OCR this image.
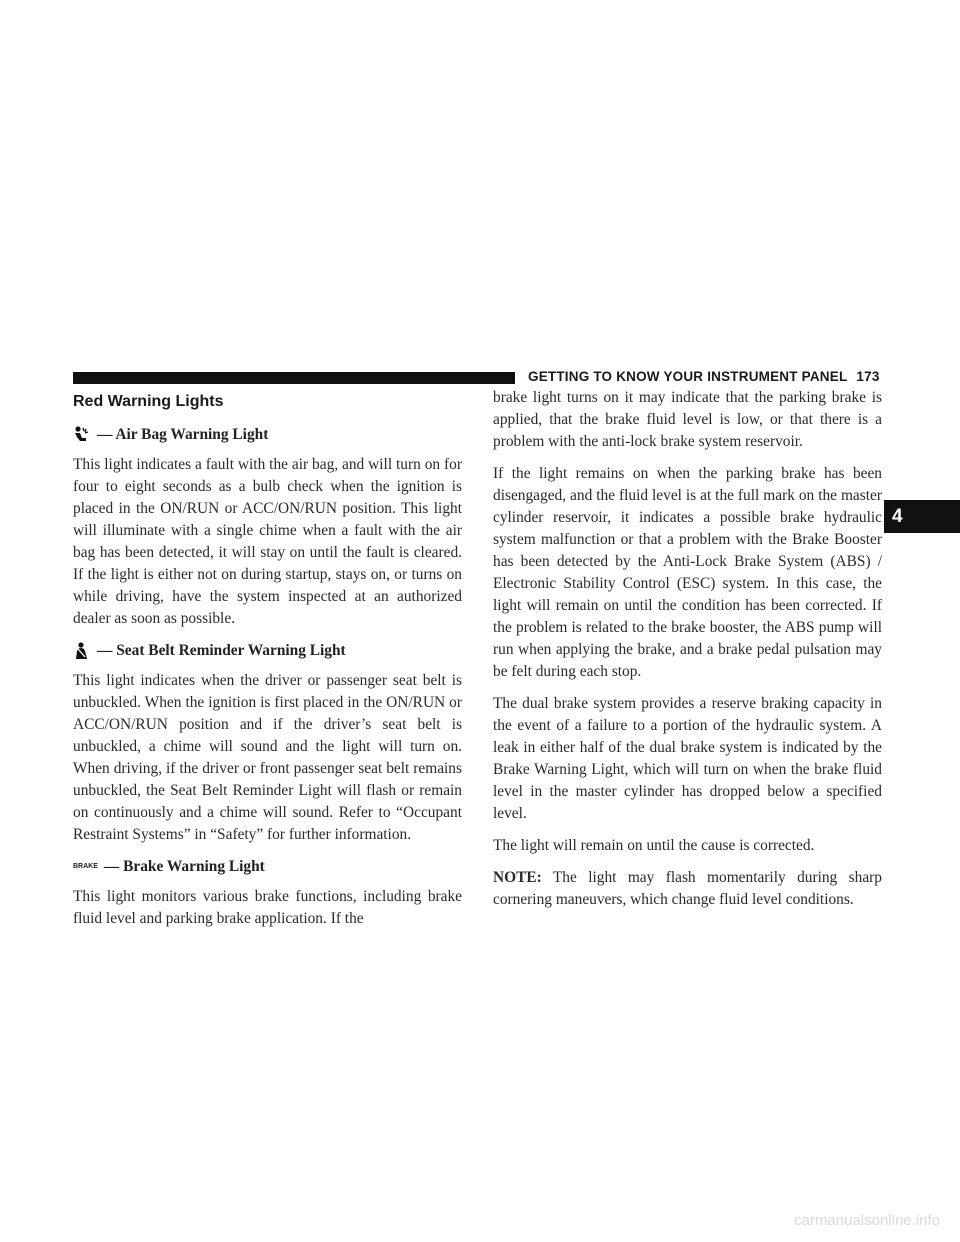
GETTING TO KNOW YOUR INSTRUMENT PANEL 173
4
Red Warning Lights
— Air Bag Warning Light

This light indicates a fault with the air bag, and will turn on for four to eight seconds as a bulb check when the ignition is placed in the ON/RUN or ACC/ON/RUN position. This light will illuminate with a single chime when a fault with the air bag has been detected, it will stay on until the fault is cleared. If the light is either not on during startup, stays on, or turns on while driving, have the system inspected at an authorized dealer as soon as possible.

— Seat Belt Reminder Warning Light

This light indicates when the driver or passenger seat belt is unbuckled. When the ignition is first placed in the ON/RUN or ACC/ON/RUN position and if the driver’s seat belt is unbuckled, a chime will sound and the light will turn on. When driving, if the driver or front passenger seat belt remains unbuckled, the Seat Belt Reminder Light will flash or remain on continuously and a chime will sound. Refer to “Occupant Restraint Systems” in “Safety” for further information.

BRAKE — Brake Warning Light

This light monitors various brake functions, including brake fluid level and parking brake application. If the

brake light turns on it may indicate that the parking brake is applied, that the brake fluid level is low, or that there is a problem with the anti-lock brake system reservoir.

If the light remains on when the parking brake has been disengaged, and the fluid level is at the full mark on the master cylinder reservoir, it indicates a possible brake hydraulic system malfunction or that a problem with the Brake Booster has been detected by the Anti-Lock Brake System (ABS) / Electronic Stability Control (ESC) system. In this case, the light will remain on until the condition has been corrected. If the problem is related to the brake booster, the ABS pump will run when applying the brake, and a brake pedal pulsation may be felt during each stop.

The dual brake system provides a reserve braking capacity in the event of a failure to a portion of the hydraulic system. A leak in either half of the dual brake system is indicated by the Brake Warning Light, which will turn on when the brake fluid level in the master cylinder has dropped below a specified level.

The light will remain on until the cause is corrected.

NOTE: The light may flash momentarily during sharp cornering maneuvers, which change fluid level conditions.

carmanualsonline.info
